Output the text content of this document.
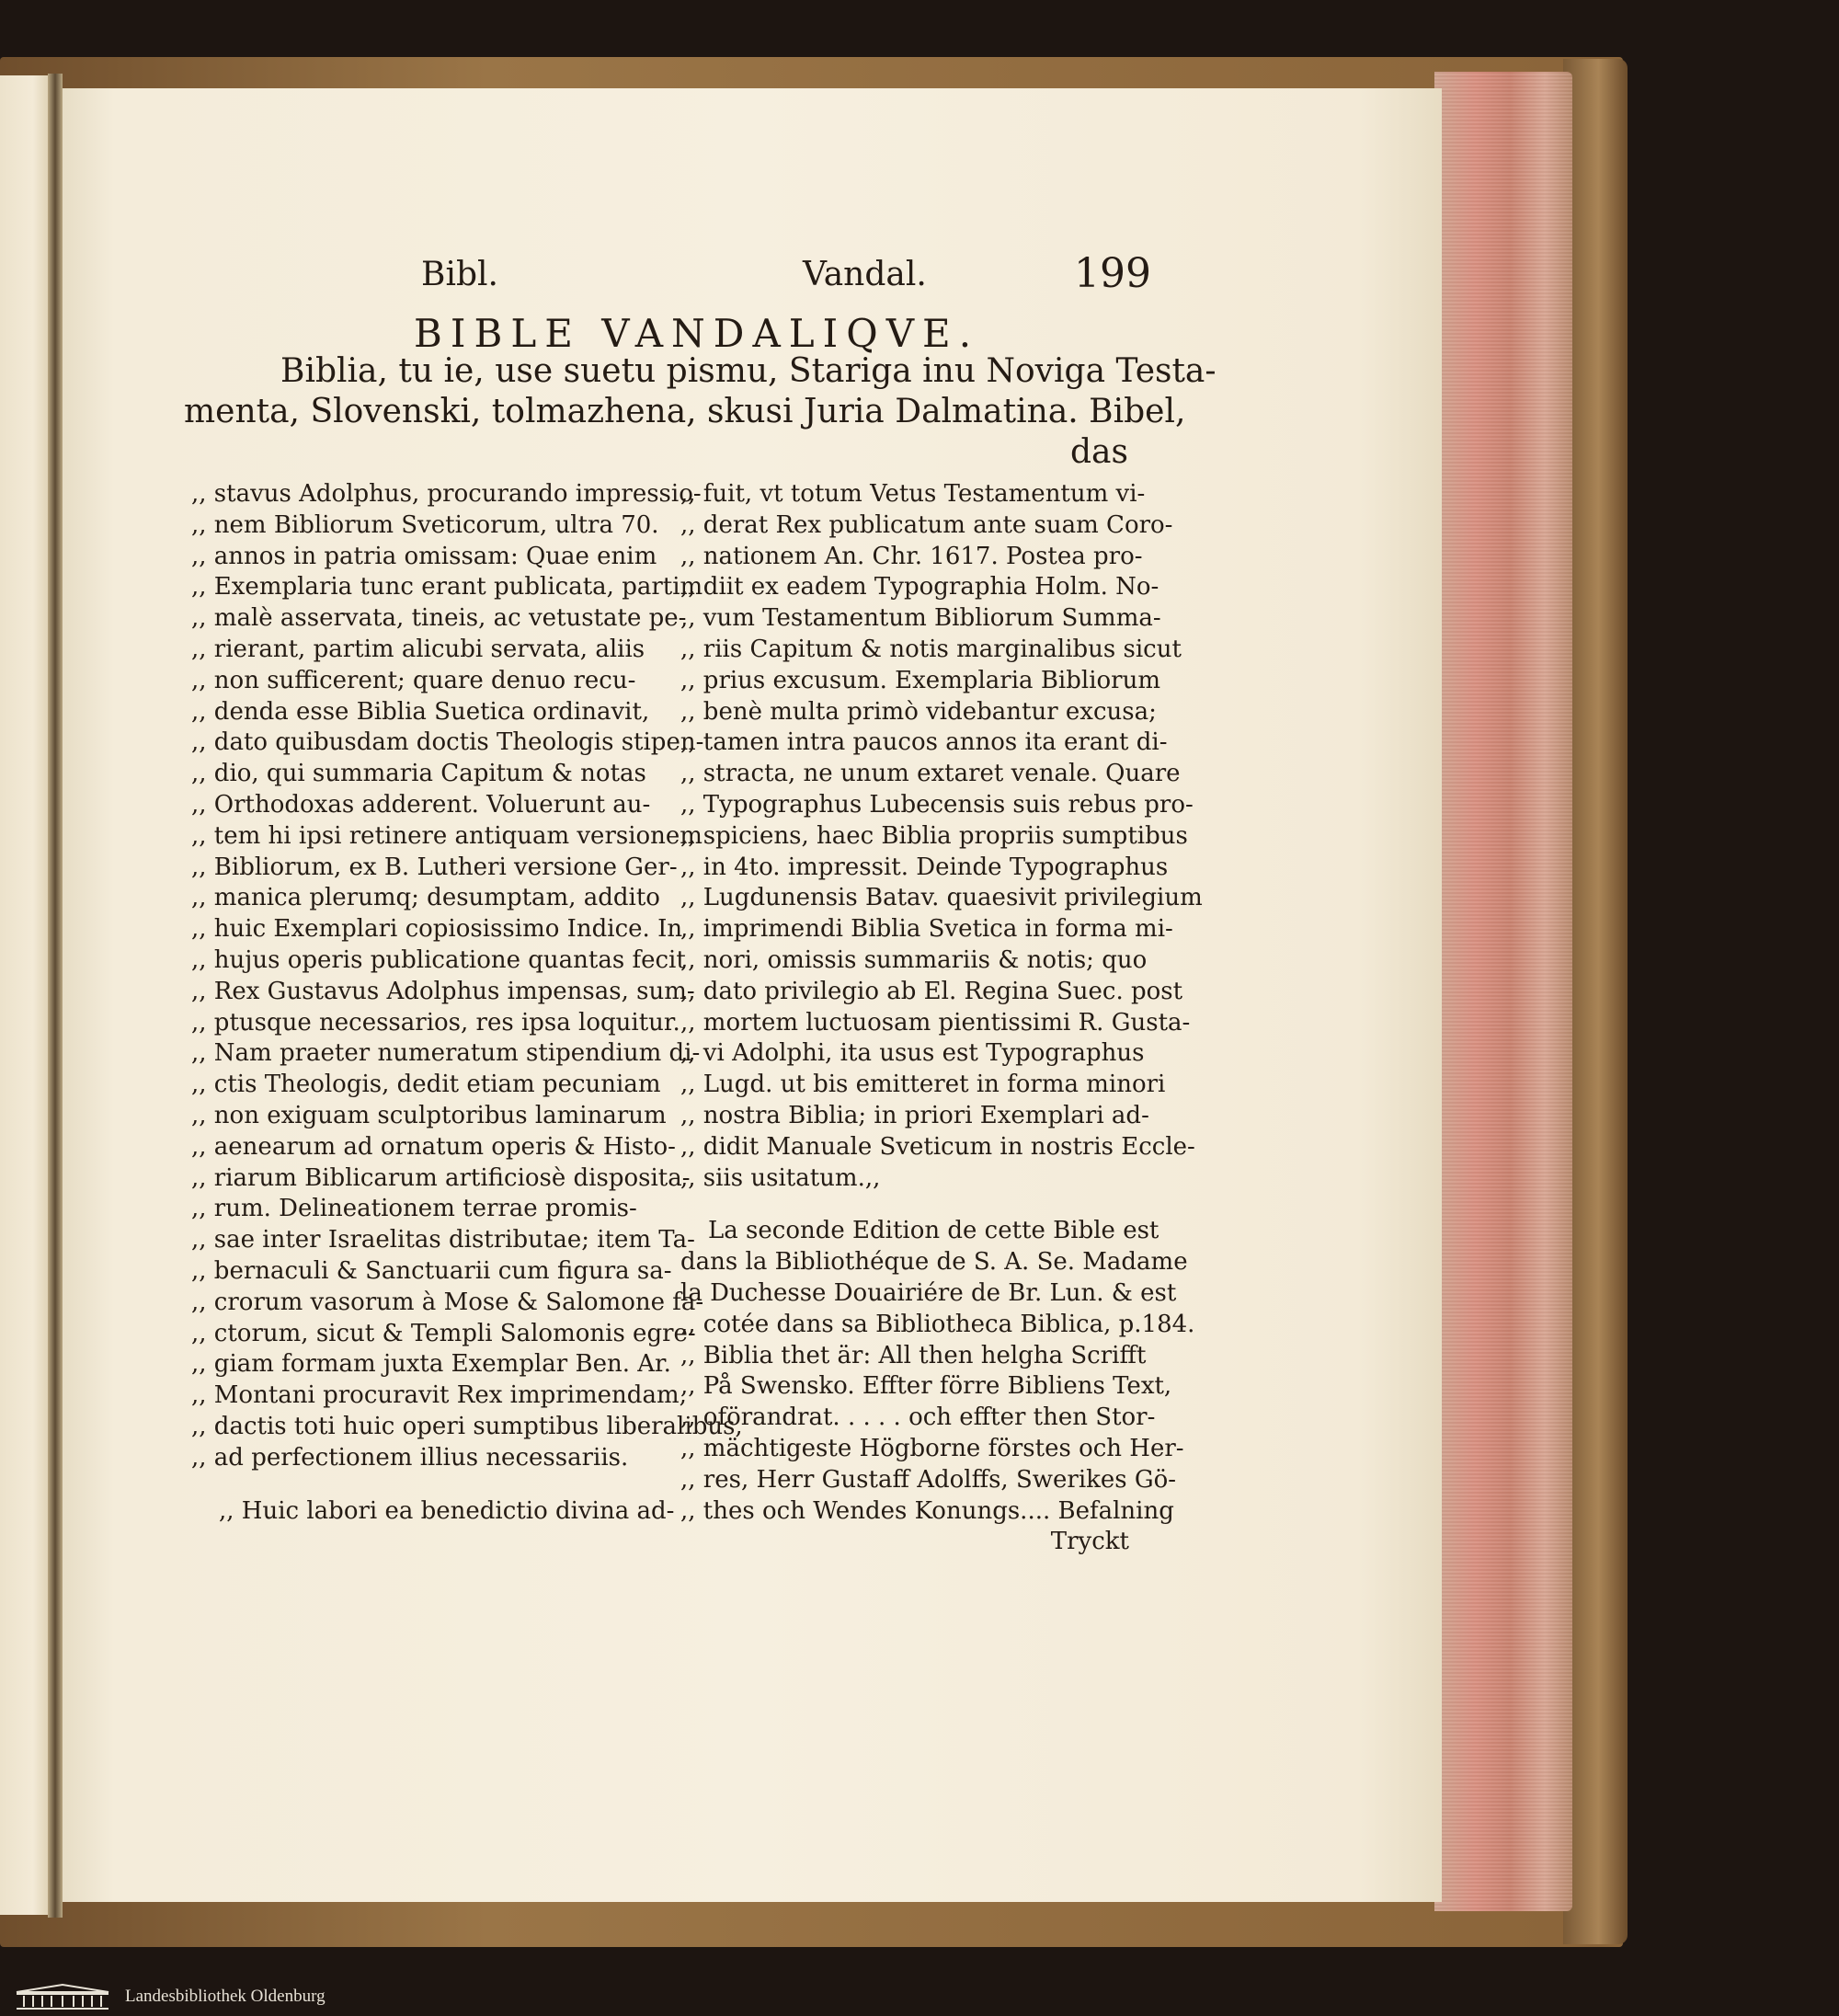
Bibl.	Vandal.	199
BIBLE VANDALIQVE.
Biblia, tu ie, use suetu pismu, Stariga inu Noviga Testa-
menta, Slovenski, tolmazhena, skusi Juria Dalmatina. Bibel,
das
,, stavus Adolphus, procurando impressio-
,, nem Bibliorum Sveticorum, ultra 70.
,, annos in patria omissam: Quae enim
,, Exemplaria tunc erant publicata, partim
,, malè asservata, tineis, ac vetustate pe-
,, rierant, partim alicubi servata, aliis
,, non sufficerent; quare denuo recu-
,, denda esse Biblia Suetica ordinavit,
,, dato quibusdam doctis Theologis stipen-
,, dio, qui summaria Capitum & notas
,, Orthodoxas adderent. Voluerunt au-
,, tem hi ipsi retinere antiquam versionem
,, Bibliorum, ex B. Lutheri versione Ger-
,, manica plerumq; desumptam, addito
,, huic Exemplari copiosissimo Indice. In
,, hujus operis publicatione quantas fecit
,, Rex Gustavus Adolphus impensas, sum-
,, ptusque necessarios, res ipsa loquitur.
,, Nam praeter numeratum stipendium di-
,, ctis Theologis, dedit etiam pecuniam
,, non exiguam sculptoribus laminarum
,, aenearum ad ornatum operis & Histo-
,, riarum Biblicarum artificiosè disposita-
,, rum. Delineationem terrae promis-
,, sae inter Israelitas distributae; item Ta-
,, bernaculi & Sanctuarii cum figura sa-
,, crorum vasorum à Mose & Salomone fa-
,, ctorum, sicut & Templi Salomonis egre-
,, giam formam juxta Exemplar Ben. Ar.
,, Montani procuravit Rex imprimendam,
,, dactis toti huic operi sumptibus liberalibus,
,, ad perfectionem illius necessariis.
,, Huic labori ea benedictio divina ad-
,, fuit, vt totum Vetus Testamentum vi-
,, derat Rex publicatum ante suam Coro-
,, nationem An. Chr. 1617. Postea pro-
,, diit ex eadem Typographia Holm. No-
,, vum Testamentum Bibliorum Summa-
,, riis Capitum & notis marginalibus sicut
,, prius excusum. Exemplaria Bibliorum
,, benè multa primò videbantur excusa;
,, tamen intra paucos annos ita erant di-
,, stracta, ne unum extaret venale. Quare
,, Typographus Lubecensis suis rebus pro-
,, spiciens, haec Biblia propriis sumptibus
,, in 4to. impressit. Deinde Typographus
,, Lugdunensis Batav. quaesivit privilegium
,, imprimendi Biblia Svetica in forma mi-
,, nori, omissis summariis & notis; quo
,, dato privilegio ab El. Regina Suec. post
,, mortem luctuosam pientissimi R. Gusta-
,, vi Adolphi, ita usus est Typographus
,, Lugd. ut bis emitteret in forma minori
,, nostra Biblia; in priori Exemplari ad-
,, didit Manuale Sveticum in nostris Eccle-
,, siis usitatum.,,
La seconde Edition de cette Bible est
dans la Bibliothéque de S. A. Se. Madame
la Duchesse Douairiére de Br. Lun. & est
,, cotée dans sa Bibliotheca Biblica, p.184.
,, Biblia thet är: All then helgha Scrifft
,, På Swensko. Effter förre Bibliens Text,
,, oförandrat. . . . . och effter then Stor-
,, mächtigeste Högborne förstes och Her-
,, res, Herr Gustaff Adolffs, Swerikes Gö-
,, thes och Wendes Konungs.... Befalning
Tryckt
Landesbibliothek Oldenburg
